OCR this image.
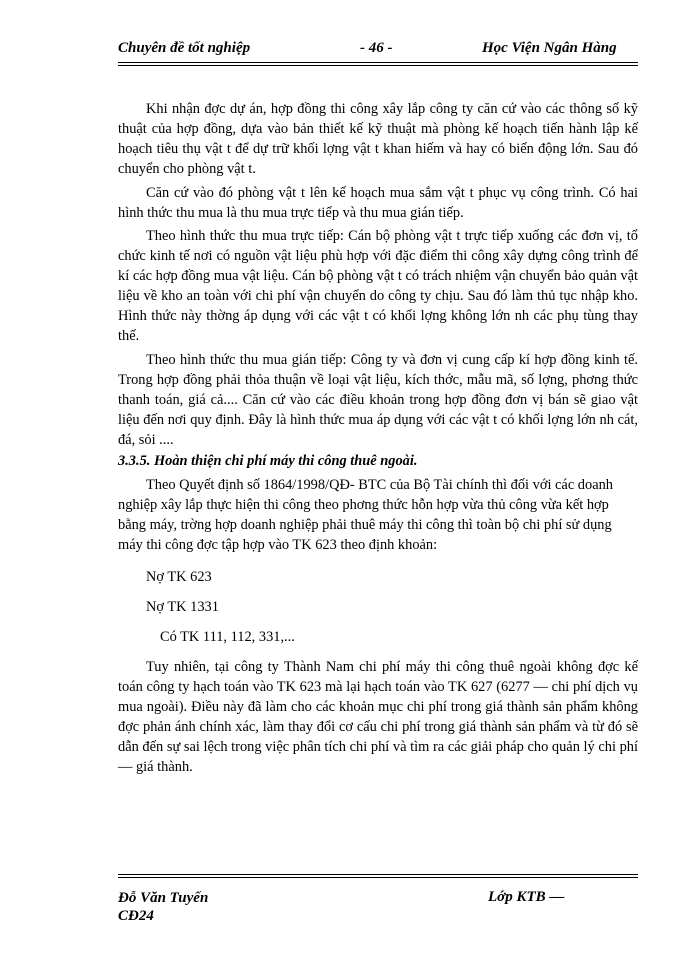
Chuyên đề tốt nghiệp	- 46 -	Học Viện Ngân Hàng

Khi nhận đợc dự án, hợp đồng thi công xây lắp công ty căn cứ vào các thông số kỹ thuật của hợp đồng, dựa vào bản thiết kế kỹ thuật mà phòng kế hoạch tiến hành lập kế hoạch tiêu thụ vật t để dự trữ khối lợng vật t khan hiếm và hay có biến động lớn. Sau đó chuyển cho phòng vật t.

Căn cứ vào đó phòng vật t lên kế hoạch mua sắm vật t phục vụ công trình. Có hai hình thức thu mua là thu mua trực tiếp và thu mua gián tiếp.

Theo hình thức thu mua trực tiếp: Cán bộ phòng vật t trực tiếp xuống các đơn vị, tổ chức kinh tế nơi có nguồn vật liệu phù hợp với đặc điểm thi công xây dựng công trình để kí các hợp đồng mua vật liệu. Cán bộ phòng vật t có trách nhiệm vận chuyển bảo quản vật liệu về kho an toàn với chi phí vận chuyển do công ty chịu. Sau đó làm thủ tục nhập kho. Hình thức này thờng áp dụng với các vật t có khối lợng không lớn nh các phụ tùng thay thế.

Theo hình thức thu mua gián tiếp: Công ty và đơn vị cung cấp kí hợp đồng kinh tế. Trong hợp đồng phải thỏa thuận về loại vật liệu, kích thớc, mẫu mã, số lợng, phơng thức thanh toán, giá cả.... Căn cứ vào các điều khoản trong hợp đồng đơn vị bán sẽ giao vật liệu đến nơi quy định. Đây là hình thức mua áp dụng với các vật t có khối lợng lớn nh cát, đá, sỏi ....

3.3.5. Hoàn thiện chi phí máy thi công thuê ngoài.

Theo Quyết định số 1864/1998/QĐ- BTC của Bộ Tài chính thì đối với các doanh nghiệp xây lắp thực hiện thi công theo phơng thức hỗn hợp vừa thủ công vừa kết hợp bằng máy, trờng hợp doanh nghiệp phải thuê máy thi công thì toàn bộ chi phí sử dụng máy thi công đợc tập hợp vào TK 623 theo định khoản:

Nợ TK 623
Nợ TK 1331
Có TK 111, 112, 331,...

Tuy nhiên, tại công ty Thành Nam chi phí máy thi công thuê ngoài không đợc kế toán công ty hạch toán vào TK 623 mà lại hạch toán vào TK 627 (6277 — chi phí dịch vụ mua ngoài). Điều này đã làm cho các khoản mục chi phí trong giá thành sản phẩm không đợc phản ánh chính xác, làm thay đổi cơ cấu chi phí trong giá thành sản phẩm và từ đó sẽ dẫn đến sự sai lệch trong việc phân tích chi phí và tìm ra các giải pháp cho quản lý chi phí — giá thành.

Đỗ Văn Tuyến
CĐ24
Lớp KTB —
